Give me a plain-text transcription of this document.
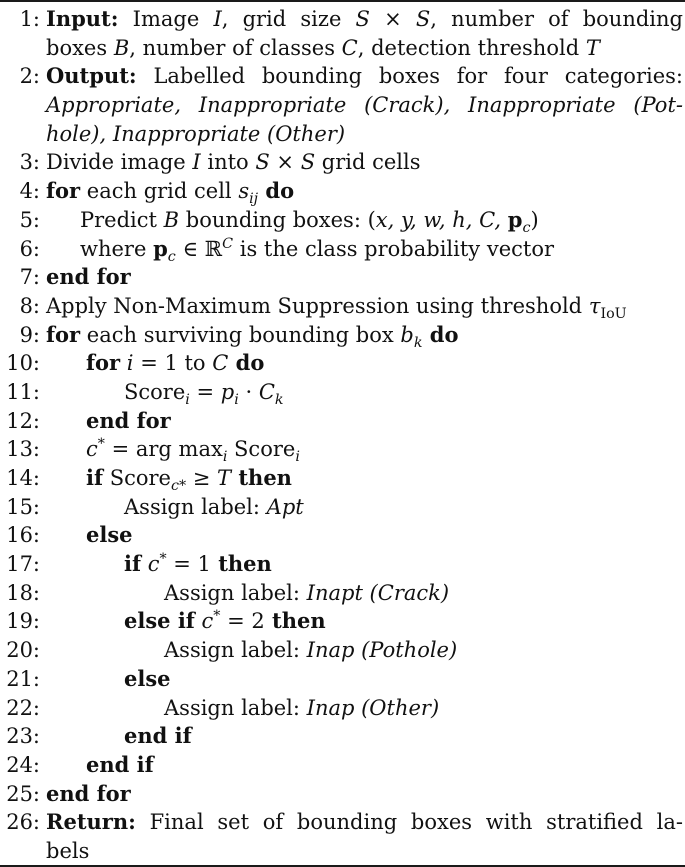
1: Input: Image I, grid size S × S, number of bounding
boxes B, number of classes C, detection threshold T
2: Output: Labelled bounding boxes for four categories:
Appropriate, Inappropriate (Crack), Inappropriate (Pot-
hole), Inappropriate (Other)
3: Divide image I into S × S grid cells
4: for each grid cell $s_{ij}$ do
5: Predict B bounding boxes: (x, y, w, h, C, $p_c$)
6: where $p_c$ ∈ ℝ$^C$ is the class probability vector
7: end for
8: Apply Non-Maximum Suppression using threshold $\tau_{IoU}$
9: for each surviving bounding box $b_k$ do
10: for i = 1 to C do
11:	Score$_i$ = $p_i \cdot C_k$
12: end for
13: c* = arg $\max_i$ Score$_i$
14: if Score$_{c*}$ ≥ T then
15:	Assign label: Apt
16: else
17:	if c* = 1 then
18:	Assign label: Inapt (Crack)
19:	else if c* = 2 then
20:	Assign label: Inap (Pothole)
21:	else
22:	Assign label: Inap (Other)
23:	end if
24: end if
25: end for
26: Return: Final set of bounding boxes with stratified la-
bels
